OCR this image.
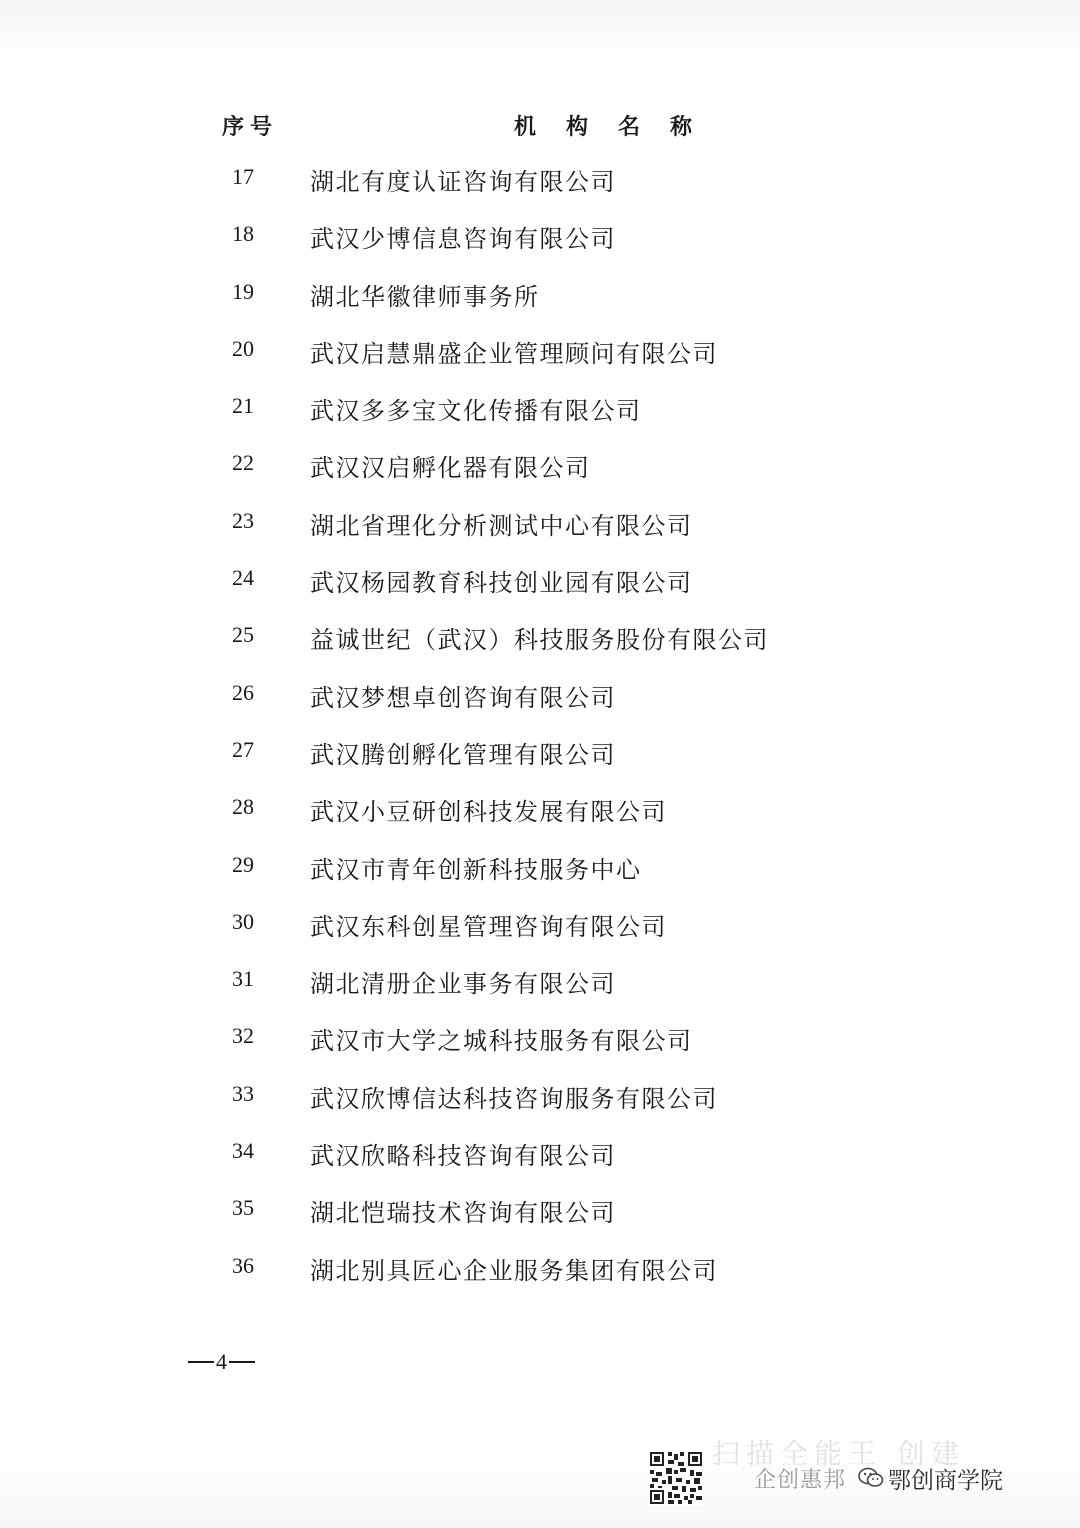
序号	机构名称
17 湖北有度认证咨询有限公司
18 武汉少博信息咨询有限公司
19 湖北华徽律师事务所
20 武汉启慧鼎盛企业管理顾问有限公司
21 武汉多多宝文化传播有限公司
22 武汉汉启孵化器有限公司
23 湖北省理化分析测试中心有限公司
24 武汉杨园教育科技创业园有限公司
25 益诚世纪（武汉）科技服务股份有限公司
26 武汉梦想卓创咨询有限公司
27 武汉腾创孵化管理有限公司
28 武汉小豆研创科技发展有限公司
29 武汉市青年创新科技服务中心
30 武汉东科创星管理咨询有限公司
31 湖北清册企业事务有限公司
32 武汉市大学之城科技服务有限公司
33 武汉欣博信达科技咨询服务有限公司
34 武汉欣略科技咨询有限公司
35 湖北恺瑞技术咨询有限公司
36 湖北别具匠心企业服务集团有限公司
4
扫描全能王 创建
企创惠邦 鄂创商学院
